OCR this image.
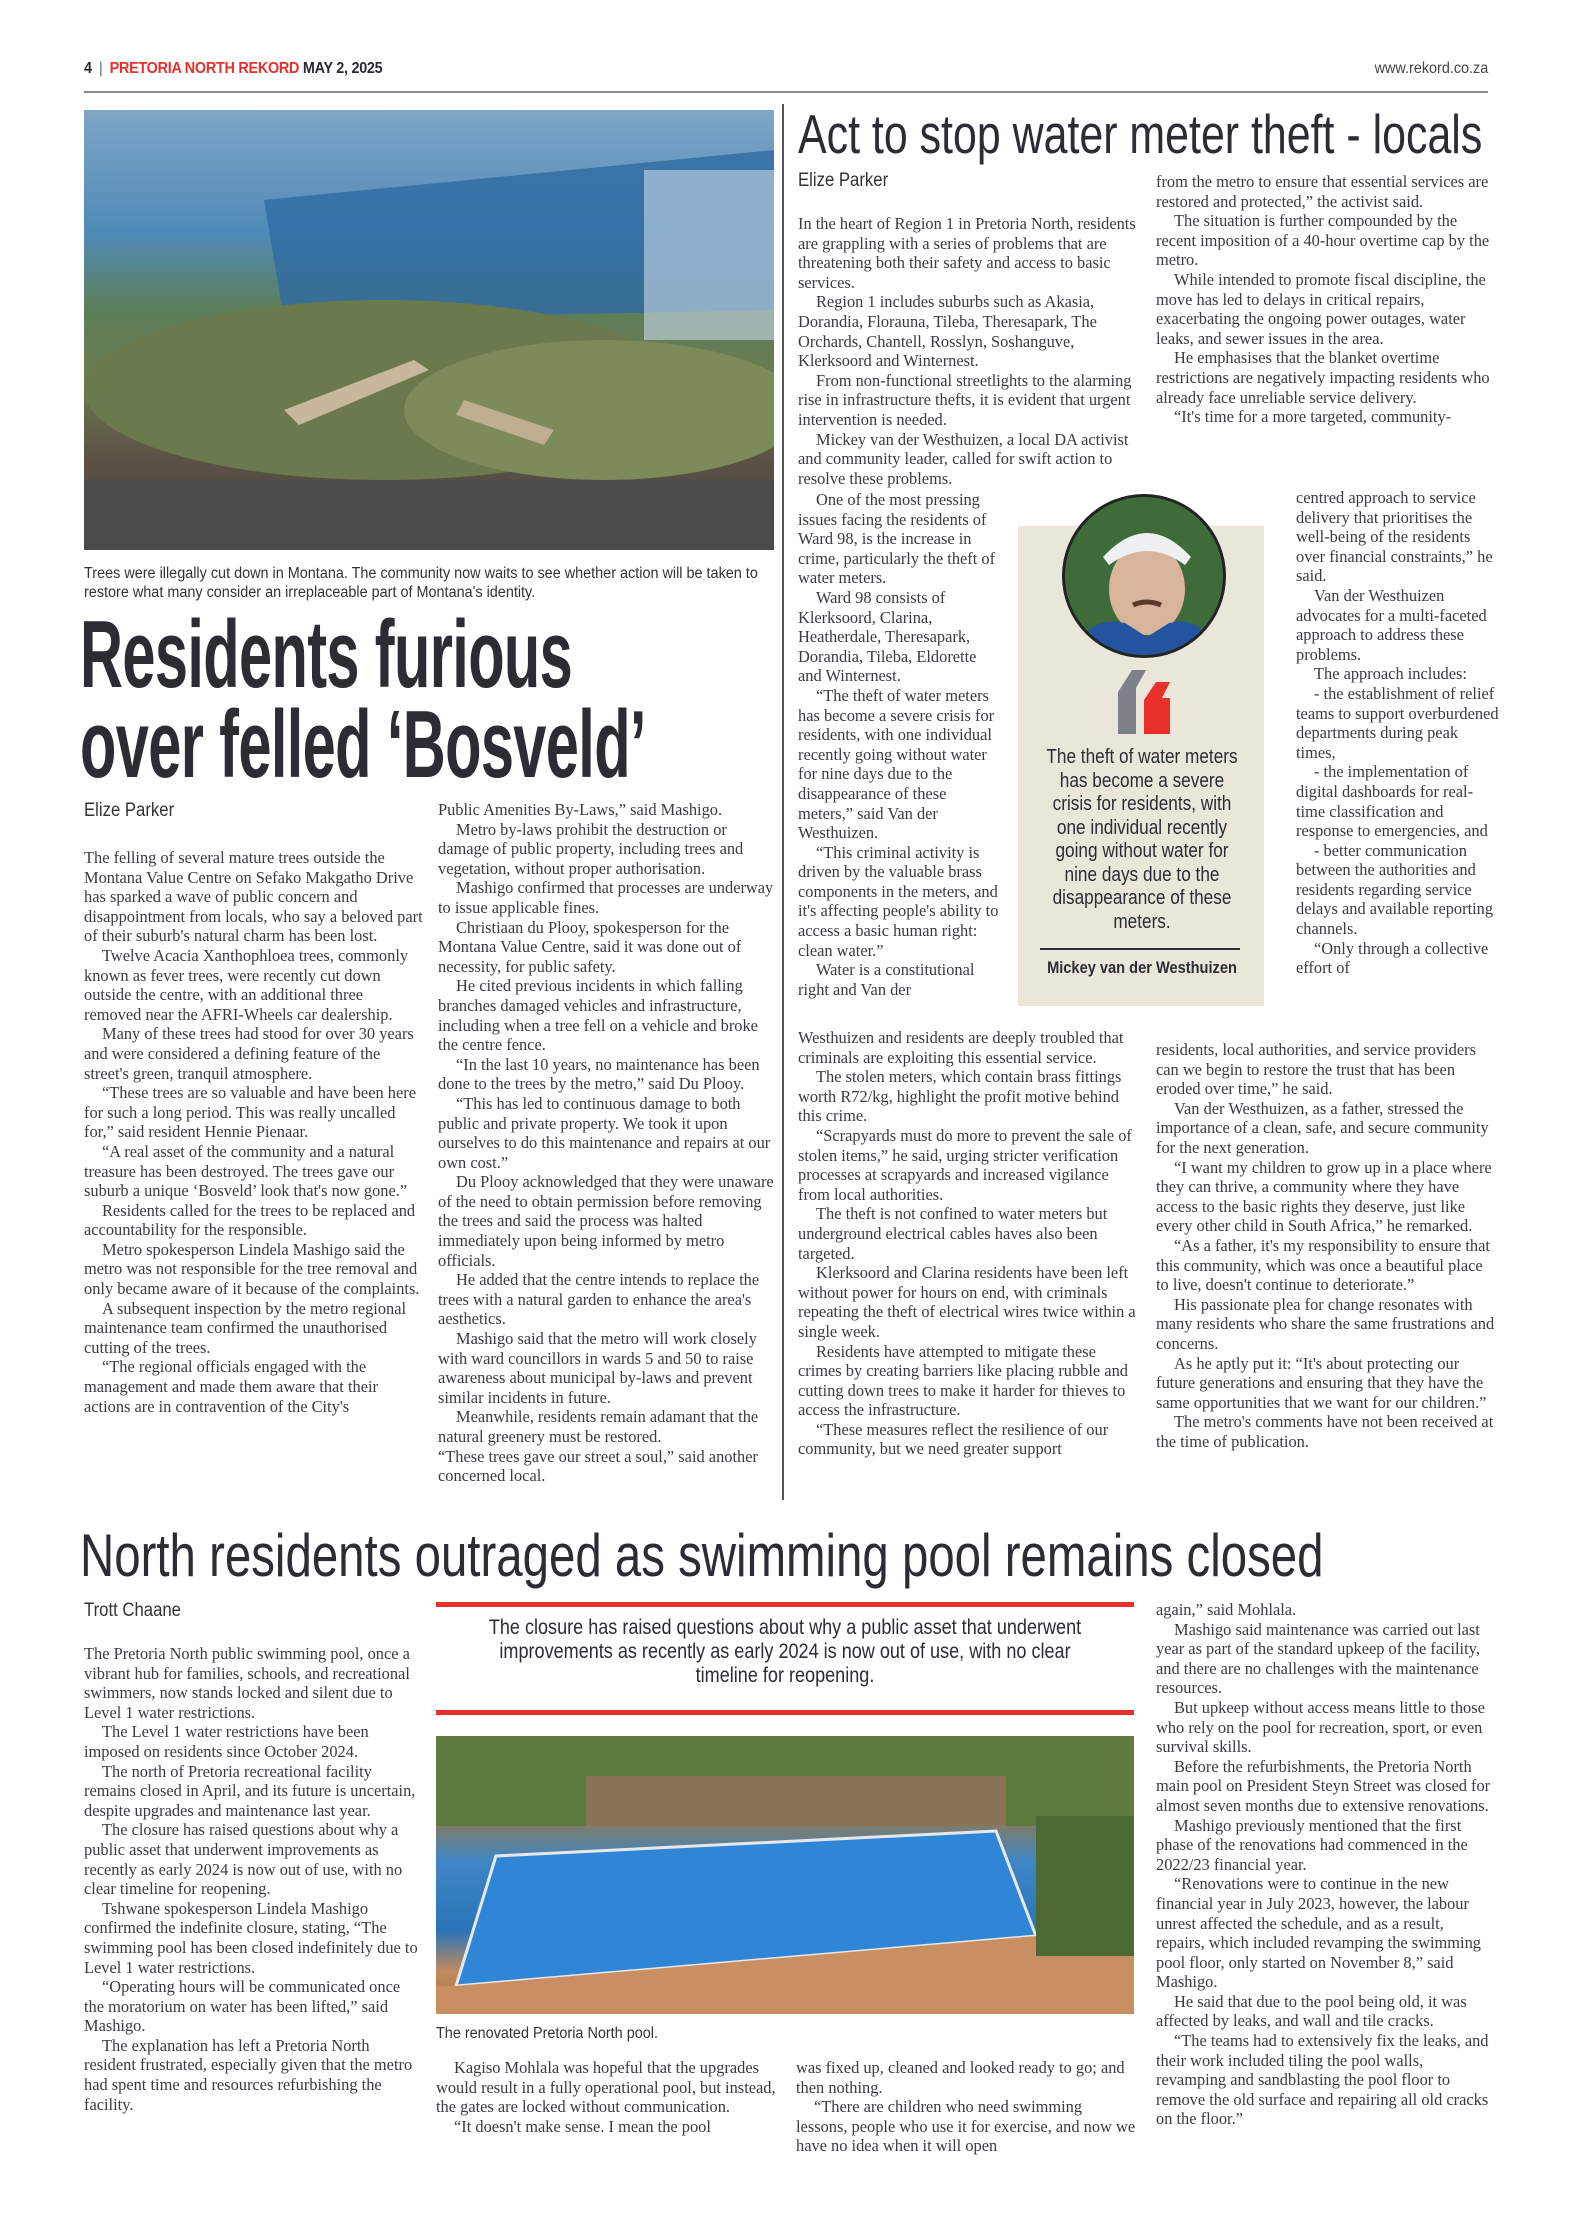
4 | PRETORIA NORTH REKORD MAY 2, 2025	www.rekord.co.za
Trees were illegally cut down in Montana. The community now waits to see whether action will be taken to restore what many consider an irreplaceable part of Montana's identity.
Residents furious
over felled ‘Bosveld’
Elize Parker

The felling of several mature trees outside the Montana Value Centre on Sefako Makgatho Drive has sparked a wave of public concern and disappointment from locals, who say a beloved part of their suburb's natural charm has been lost.

Twelve Acacia Xanthophloea trees, commonly known as fever trees, were recently cut down outside the centre, with an additional three removed near the AFRI-Wheels car dealership.

Many of these trees had stood for over 30 years and were considered a defining feature of the street's green, tranquil atmosphere.

“These trees are so valuable and have been here for such a long period. This was really uncalled for,” said resident Hennie Pienaar.

“A real asset of the community and a natural treasure has been destroyed. The trees gave our suburb a unique ‘Bosveld’ look that's now gone.”

Residents called for the trees to be replaced and accountability for the responsible.

Metro spokesperson Lindela Mashigo said the metro was not responsible for the tree removal and only became aware of it because of the complaints.

A subsequent inspection by the metro regional maintenance team confirmed the unauthorised cutting of the trees.

“The regional officials engaged with the management and made them aware that their actions are in contravention of the City's

Public Amenities By-Laws,” said Mashigo.

Metro by-laws prohibit the destruction or damage of public property, including trees and vegetation, without proper authorisation.

Mashigo confirmed that processes are underway to issue applicable fines.

Christiaan du Plooy, spokesperson for the Montana Value Centre, said it was done out of necessity, for public safety.

He cited previous incidents in which falling branches damaged vehicles and infrastructure, including when a tree fell on a vehicle and broke the centre fence.

“In the last 10 years, no maintenance has been done to the trees by the metro,” said Du Plooy.

“This has led to continuous damage to both public and private property. We took it upon ourselves to do this maintenance and repairs at our own cost.”

Du Plooy acknowledged that they were unaware of the need to obtain permission before removing the trees and said the process was halted immediately upon being informed by metro officials.

He added that the centre intends to replace the trees with a natural garden to enhance the area's aesthetics.

Mashigo said that the metro will work closely with ward councillors in wards 5 and 50 to raise awareness about municipal by-laws and prevent similar incidents in future.

Meanwhile, residents remain adamant that the natural greenery must be restored.

“These trees gave our street a soul,” said another concerned local.

Act to stop water meter theft - locals
Elize Parker

In the heart of Region 1 in Pretoria North, residents are grappling with a series of problems that are threatening both their safety and access to basic services.

Region 1 includes suburbs such as Akasia, Dorandia, Florauna, Tileba, Theresapark, The Orchards, Chantell, Rosslyn, Soshanguve, Klerksoord and Winternest.

From non-functional streetlights to the alarming rise in infrastructure thefts, it is evident that urgent intervention is needed.

Mickey van der Westhuizen, a local DA activist and community leader, called for swift action to resolve these problems.

One of the most pressing issues facing the residents of Ward 98, is the increase in crime, particularly the theft of water meters.

Ward 98 consists of Klerksoord, Clarina, Heatherdale, Theresapark, Dorandia, Tileba, Eldorette and Winternest.

“The theft of water meters has become a severe crisis for residents, with one individual recently going without water for nine days due to the disappearance of these meters,” said Van der Westhuizen.

“This criminal activity is driven by the valuable brass components in the meters, and it's affecting people's ability to access a basic human right: clean water.”

Water is a constitutional right and Van der

Westhuizen and residents are deeply troubled that criminals are exploiting this essential service.

The stolen meters, which contain brass fittings worth R72/kg, highlight the profit motive behind this crime.

“Scrapyards must do more to prevent the sale of stolen items,” he said, urging stricter verification processes at scrapyards and increased vigilance from local authorities.

The theft is not confined to water meters but underground electrical cables haves also been targeted.

Klerksoord and Clarina residents have been left without power for hours on end, with criminals repeating the theft of electrical wires twice within a single week.

Residents have attempted to mitigate these crimes by creating barriers like placing rubble and cutting down trees to make it harder for thieves to access the infrastructure.

“These measures reflect the resilience of our community, but we need greater support

The theft of water meters has become a severe crisis for residents, with one individual recently going without water for nine days due to the disappearance of these meters.
Mickey van der Westhuizen

from the metro to ensure that essential services are restored and protected,” the activist said.

The situation is further compounded by the recent imposition of a 40-hour overtime cap by the metro.

While intended to promote fiscal discipline, the move has led to delays in critical repairs, exacerbating the ongoing power outages, water leaks, and sewer issues in the area.

He emphasises that the blanket overtime restrictions are negatively impacting residents who already face unreliable service delivery.

“It's time for a more targeted, community-

centred approach to service delivery that prioritises the well-being of the residents over financial constraints,” he said.

Van der Westhuizen advocates for a multi-faceted approach to address these problems.

The approach includes:

- the establishment of relief teams to support overburdened departments during peak times,

- the implementation of digital dashboards for real-time classification and response to emergencies, and

- better communication between the authorities and residents regarding service delays and available reporting channels.

“Only through a collective effort of

residents, local authorities, and service providers can we begin to restore the trust that has been eroded over time,” he said.

Van der Westhuizen, as a father, stressed the importance of a clean, safe, and secure community for the next generation.

“I want my children to grow up in a place where they can thrive, a community where they have access to the basic rights they deserve, just like every other child in South Africa,” he remarked.

“As a father, it's my responsibility to ensure that this community, which was once a beautiful place to live, doesn't continue to deteriorate.”

His passionate plea for change resonates with many residents who share the same frustrations and concerns.

As he aptly put it: “It's about protecting our future generations and ensuring that they have the same opportunities that we want for our children.”

The metro's comments have not been received at the time of publication.

North residents outraged as swimming pool remains closed
Trott Chaane

The Pretoria North public swimming pool, once a vibrant hub for families, schools, and recreational swimmers, now stands locked and silent due to Level 1 water restrictions.

The Level 1 water restrictions have been imposed on residents since October 2024.

The north of Pretoria recreational facility remains closed in April, and its future is uncertain, despite upgrades and maintenance last year.

The closure has raised questions about why a public asset that underwent improvements as recently as early 2024 is now out of use, with no clear timeline for reopening.

Tshwane spokesperson Lindela Mashigo confirmed the indefinite closure, stating, “The swimming pool has been closed indefinitely due to Level 1 water restrictions.

“Operating hours will be communicated once the moratorium on water has been lifted,” said Mashigo.

The explanation has left a Pretoria North resident frustrated, especially given that the metro had spent time and resources refurbishing the facility.

The closure has raised questions about why a public asset that underwent improvements as recently as early 2024 is now out of use, with no clear timeline for reopening.
The renovated Pretoria North pool.

Kagiso Mohlala was hopeful that the upgrades would result in a fully operational pool, but instead, the gates are locked without communication.

“It doesn't make sense. I mean the pool

was fixed up, cleaned and looked ready to go; and then nothing.

“There are children who need swimming lessons, people who use it for exercise, and now we have no idea when it will open

again,” said Mohlala.

Mashigo said maintenance was carried out last year as part of the standard upkeep of the facility, and there are no challenges with the maintenance resources.

But upkeep without access means little to those who rely on the pool for recreation, sport, or even survival skills.

Before the refurbishments, the Pretoria North main pool on President Steyn Street was closed for almost seven months due to extensive renovations.

Mashigo previously mentioned that the first phase of the renovations had commenced in the 2022/23 financial year.

“Renovations were to continue in the new financial year in July 2023, however, the labour unrest affected the schedule, and as a result, repairs, which included revamping the swimming pool floor, only started on November 8,” said Mashigo.

He said that due to the pool being old, it was affected by leaks, and wall and tile cracks.

“The teams had to extensively fix the leaks, and their work included tiling the pool walls, revamping and sandblasting the pool floor to remove the old surface and repairing all old cracks on the floor.”
